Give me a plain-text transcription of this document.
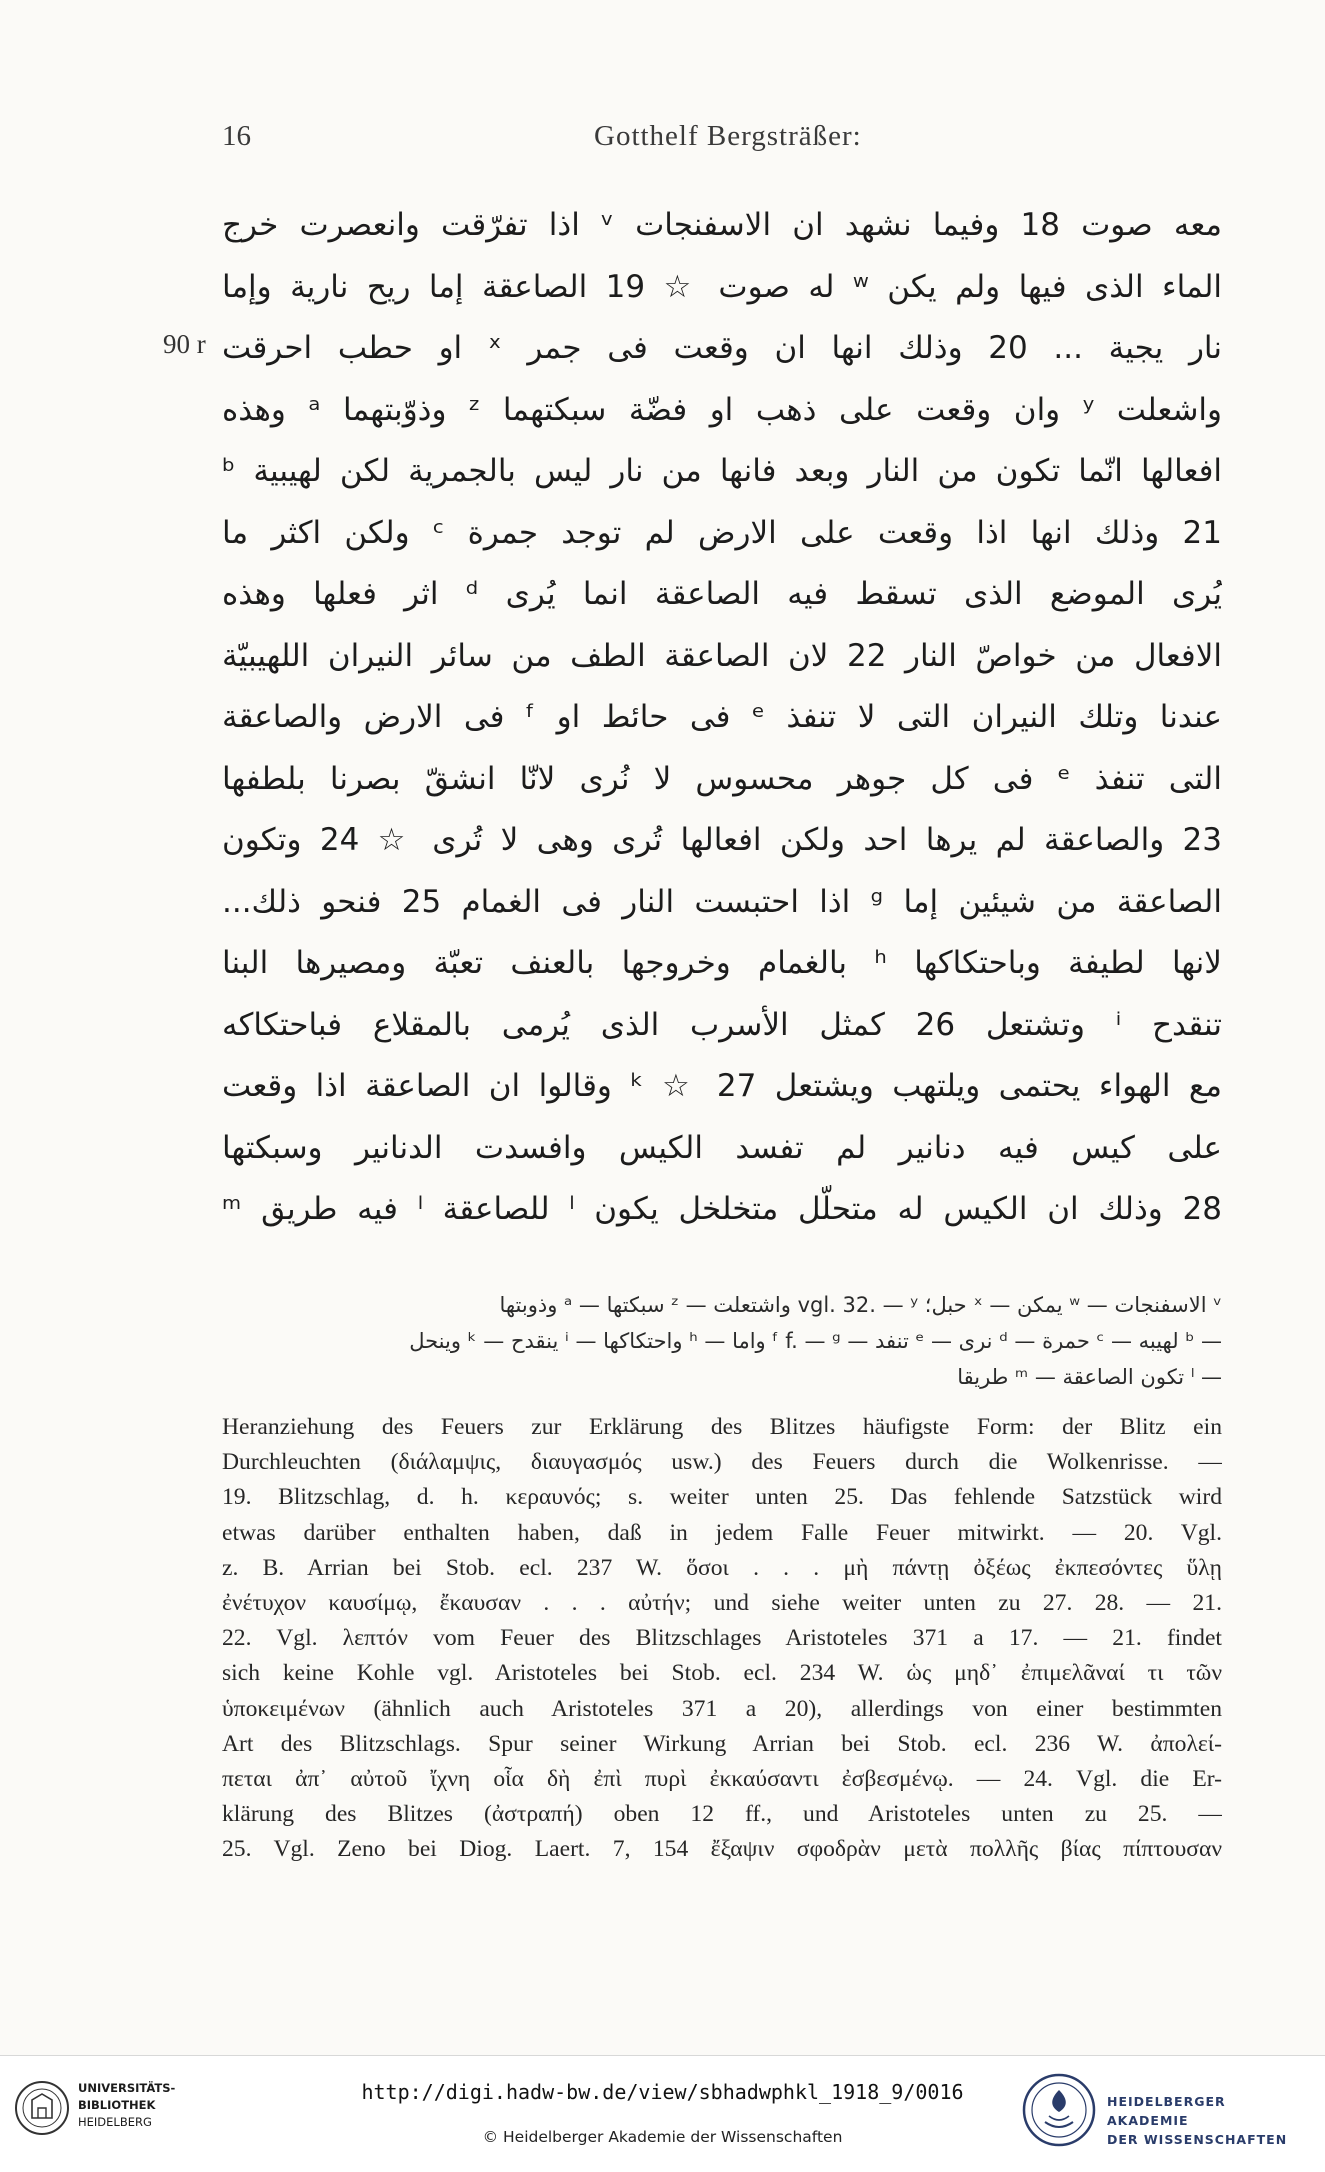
16	Gotthelf Bergsträßer:
90 r
معه صوت 18 وفيما نشهد ان الاسفنجات ᵛ اذا تفرّقت وانعصرت خرج
الماء الذى فيها ولم يكن ʷ له صوت ☆ 19 الصاعقة إما ريح نارية وإما
نار يجية ... 20 وذلك انها ان وقعت فى جمر ˣ او حطب احرقت
واشعلت ʸ وان وقعت على ذهب او فضّة سبكتهما ᶻ وذوّبتهما ᵃ وهذه
افعالها انّما تكون من النار وبعد فانها من نار ليس بالجمرية لكن لهيبية ᵇ
21 وذلك انها اذا وقعت على الارض لم توجد جمرة ᶜ ولكن اكثر ما
يُرى الموضع الذى تسقط فيه الصاعقة انما يُرى ᵈ اثر فعلها وهذه
الافعال من خواصّ النار 22 لان الصاعقة الطف من سائر النيران اللهيبيّة
عندنا وتلك النيران التى لا تنفذ ᵉ فى حائط او ᶠ فى الارض والصاعقة
التى تنفذ ᵉ فى كل جوهر محسوس لا نُرى لانّا انشقّ بصرنا بلطفها
23 والصاعقة لم يرها احد ولكن افعالها تُرى وهى لا تُرى ☆ 24 وتكون
الصاعقة من شيئين إما ᵍ اذا احتبست النار فى الغمام 25 فنحو ذلك...
لانها لطيفة وباحتكاكها ʰ بالغمام وخروجها بالعنف تعبّة ومصيرها البنا
تنقدح ⁱ وتشتعل 26 كمثل الأسرب الذى يُرمى بالمقلاع فباحتكاكه
مع الهواء يحتمى ويلتهب ويشتعل ᵏ ☆ 27 وقالوا ان الصاعقة اذا وقعت
على كيس فيه دنانير لم تفسد الكيس وافسدت الدنانير وسبكتها
28 وذلك ان الكيس له متحلّل متخلخل يكون ˡ للصاعقة ˡ فيه طريق ᵐ
ᵛ الاسفنجات — ʷ يمكن — ˣ حبل؛ vgl. 32. — ʸ واشتعلت — ᶻ سبكتها — ᵃ وذوبتها
— ᵇ لهيبه — ᶜ حمرة — ᵈ نرى — ᵉ تنفد — ᶠ f. — ᵍ واما — ʰ واحتكاكها — ⁱ ينقدح — ᵏ وينحل
— ˡ تكون الصاعقة — ᵐ طريقا
Heranziehung des Feuers zur Erklärung des Blitzes häufigste Form: der Blitz ein
Durchleuchten (διάλαμψις, διαυγασμός usw.) des Feuers durch die Wolkenrisse. —
19. Blitzschlag, d. h. κεραυνός; s. weiter unten 25. Das fehlende Satzstück wird
etwas darüber enthalten haben, daß in jedem Falle Feuer mitwirkt. — 20. Vgl.
z. B. Arrian bei Stob. ecl. 237 W. ὅσοι . . . μὴ πάντῃ ὀξέως ἐκπεσόντες ὕλῃ
ἐνέτυχον καυσίμῳ, ἔκαυσαν . . . αὐτήν; und siehe weiter unten zu 27. 28. — 21.
22. Vgl. λεπτόν vom Feuer des Blitzschlages Aristoteles 371 a 17. — 21. findet
sich keine Kohle vgl. Aristoteles bei Stob. ecl. 234 W. ὡς μηδ᾽ ἐπιμελᾶναί τι τῶν
ὑποκειμένων (ähnlich auch Aristoteles 371 a 20), allerdings von einer bestimmten
Art des Blitzschlags. Spur seiner Wirkung Arrian bei Stob. ecl. 236 W. ἀπολεί-
πεται ἀπ᾽ αὐτοῦ ἴχνη οἷα δὴ ἐπὶ πυρὶ ἐκκαύσαντι ἐσβεσμένῳ. — 24. Vgl. die Er-
klärung des Blitzes (ἀστραπή) oben 12 ff., und Aristoteles unten zu 25. —
25. Vgl. Zeno bei Diog. Laert. 7, 154 ἔξαψιν σφοδρὰν μετὰ πολλῆς βίας πίπτουσαν
UNIVERSITÄTS-
BIBLIOTHEK
HEIDELBERG
http://digi.hadw-bw.de/view/sbhadwphkl_1918_9/0016
© Heidelberger Akademie der Wissenschaften
HEIDELBERGER AKADEMIE
DER WISSENSCHAFTEN
